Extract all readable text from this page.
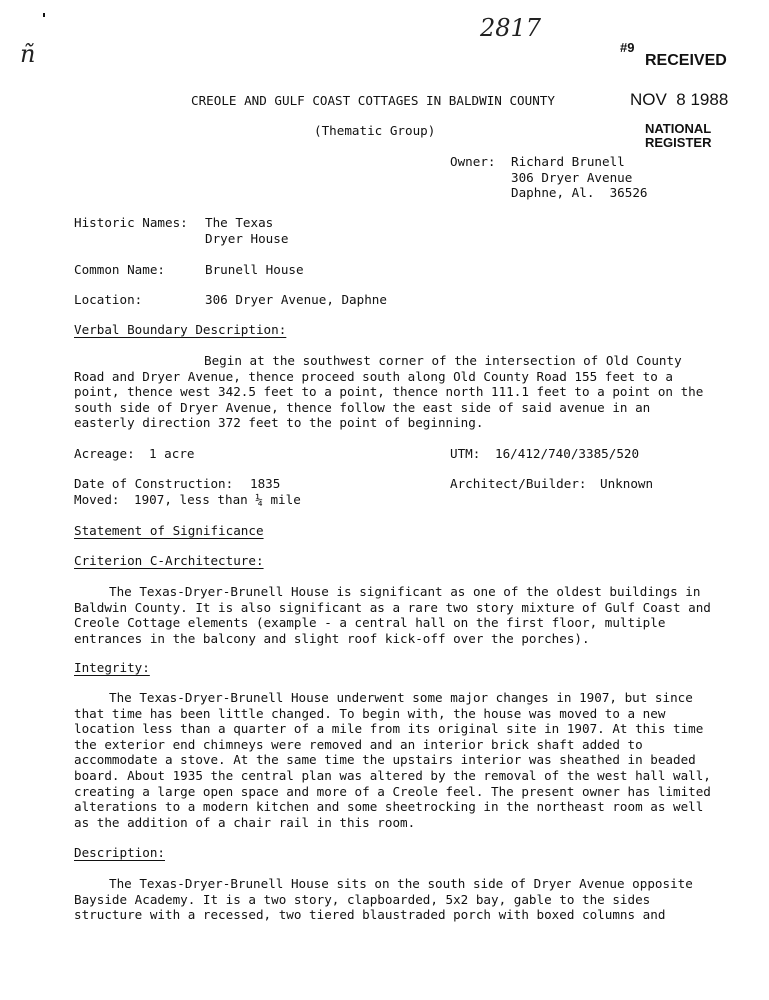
ñ
2817
#9
RECEIVED
NOV  8 1988
NATIONAL
REGISTER
CREOLE AND GULF COAST COTTAGES IN BALDWIN COUNTY
(Thematic Group)
Owner: Richard Brunell
306 Dryer Avenue
Daphne, Al.  36526
Historic Names: The Texas
Dryer House
Common Name:	Brunell House
Location:	306 Dryer Avenue, Daphne
Verbal Boundary Description:
Begin at the southwest corner of the intersection of Old County Road and Dryer Avenue, thence proceed south along Old County Road 155 feet to a point, thence west 342.5 feet to a point, thence north 111.1 feet to a point on the south side of Dryer Avenue, thence follow the east side of said avenue in an easterly direction 372 feet to the point of beginning.
Acreage: 1 acre	UTM: 16/412/740/3385/520
Date of Construction: 1835
Moved: 1907, less than ¼ mile
Architect/Builder: Unknown
Statement of Significance
Criterion C-Architecture:
The Texas-Dryer-Brunell House is significant as one of the oldest buildings in Baldwin County. It is also significant as a rare two story mixture of Gulf Coast and Creole Cottage elements (example - a central hall on the first floor, multiple entrances in the balcony and slight roof kick-off over the porches).
Integrity:
The Texas-Dryer-Brunell House underwent some major changes in 1907, but since that time has been little changed. To begin with, the house was moved to a new location less than a quarter of a mile from its original site in 1907. At this time the exterior end chimneys were removed and an interior brick shaft added to accommodate a stove. At the same time the upstairs interior was sheathed in beaded board. About 1935 the central plan was altered by the removal of the west hall wall, creating a large open space and more of a Creole feel. The present owner has limited alterations to a modern kitchen and some sheetrocking in the northeast room as well as the addition of a chair rail in this room.
Description:
The Texas-Dryer-Brunell House sits on the south side of Dryer Avenue opposite Bayside Academy. It is a two story, clapboarded, 5x2 bay, gable to the sides structure with a recessed, two tiered blaustraded porch with boxed columns and
